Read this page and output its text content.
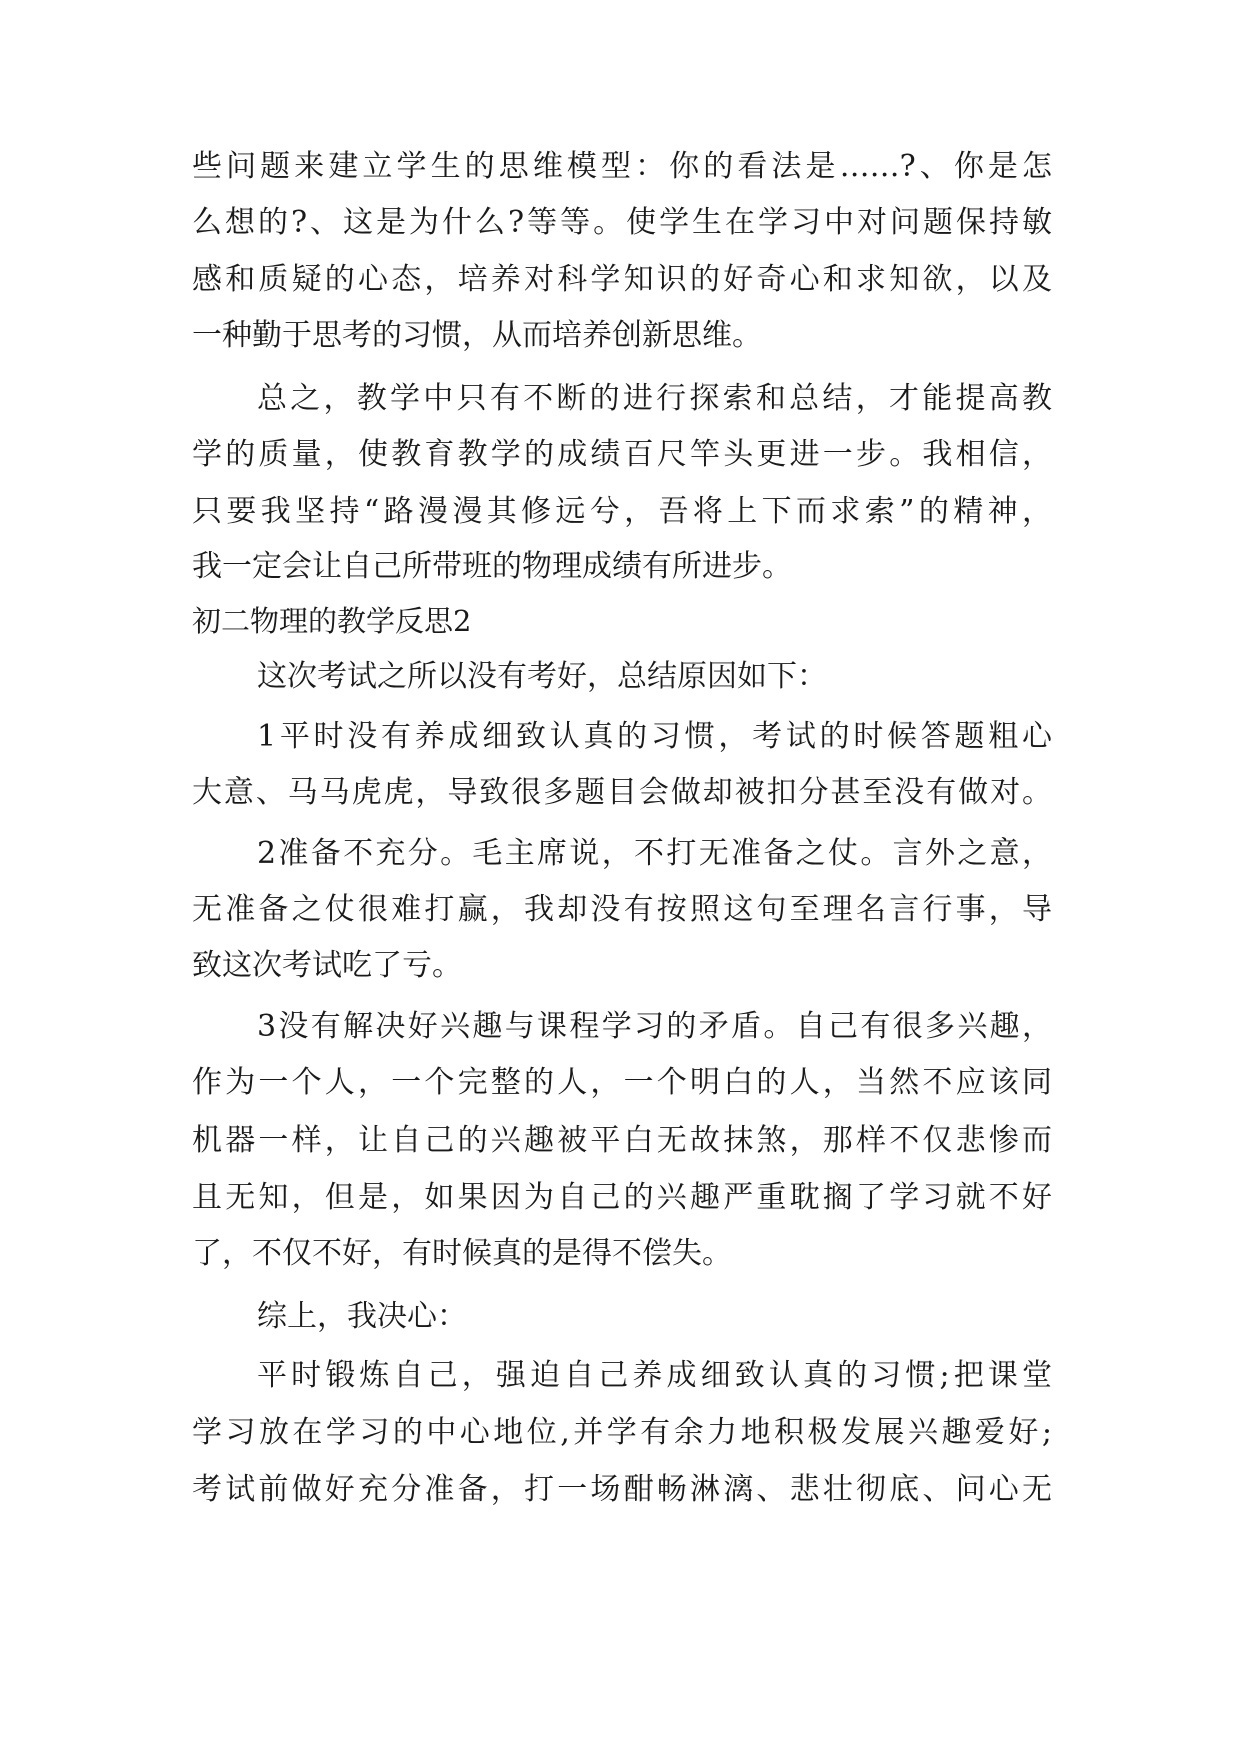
些问题来建立学生的思维模型：你的看法是……?、你是怎
么想的?、这是为什么?等等。使学生在学习中对问题保持敏
感和质疑的心态，培养对科学知识的好奇心和求知欲，以及
一种勤于思考的习惯，从而培养创新思维。
总之，教学中只有不断的进行探索和总结，才能提高教
学的质量，使教育教学的成绩百尺竿头更进一步。我相信，
只要我坚持“路漫漫其修远兮，吾将上下而求索”的精神，
我一定会让自己所带班的物理成绩有所进步。
初二物理的教学反思2
这次考试之所以没有考好，总结原因如下：
1平时没有养成细致认真的习惯，考试的时候答题粗心
大意、马马虎虎，导致很多题目会做却被扣分甚至没有做对。
2准备不充分。毛主席说，不打无准备之仗。言外之意，
无准备之仗很难打赢，我却没有按照这句至理名言行事，导
致这次考试吃了亏。
3没有解决好兴趣与课程学习的矛盾。自己有很多兴趣，
作为一个人，一个完整的人，一个明白的人，当然不应该同
机器一样，让自己的兴趣被平白无故抹煞，那样不仅悲惨而
且无知，但是，如果因为自己的兴趣严重耽搁了学习就不好
了，不仅不好，有时候真的是得不偿失。
综上，我决心：
平时锻炼自己，强迫自己养成细致认真的习惯;把课堂
学习放在学习的中心地位,并学有余力地积极发展兴趣爱好;
考试前做好充分准备，打一场酣畅淋漓、悲壮彻底、问心无
